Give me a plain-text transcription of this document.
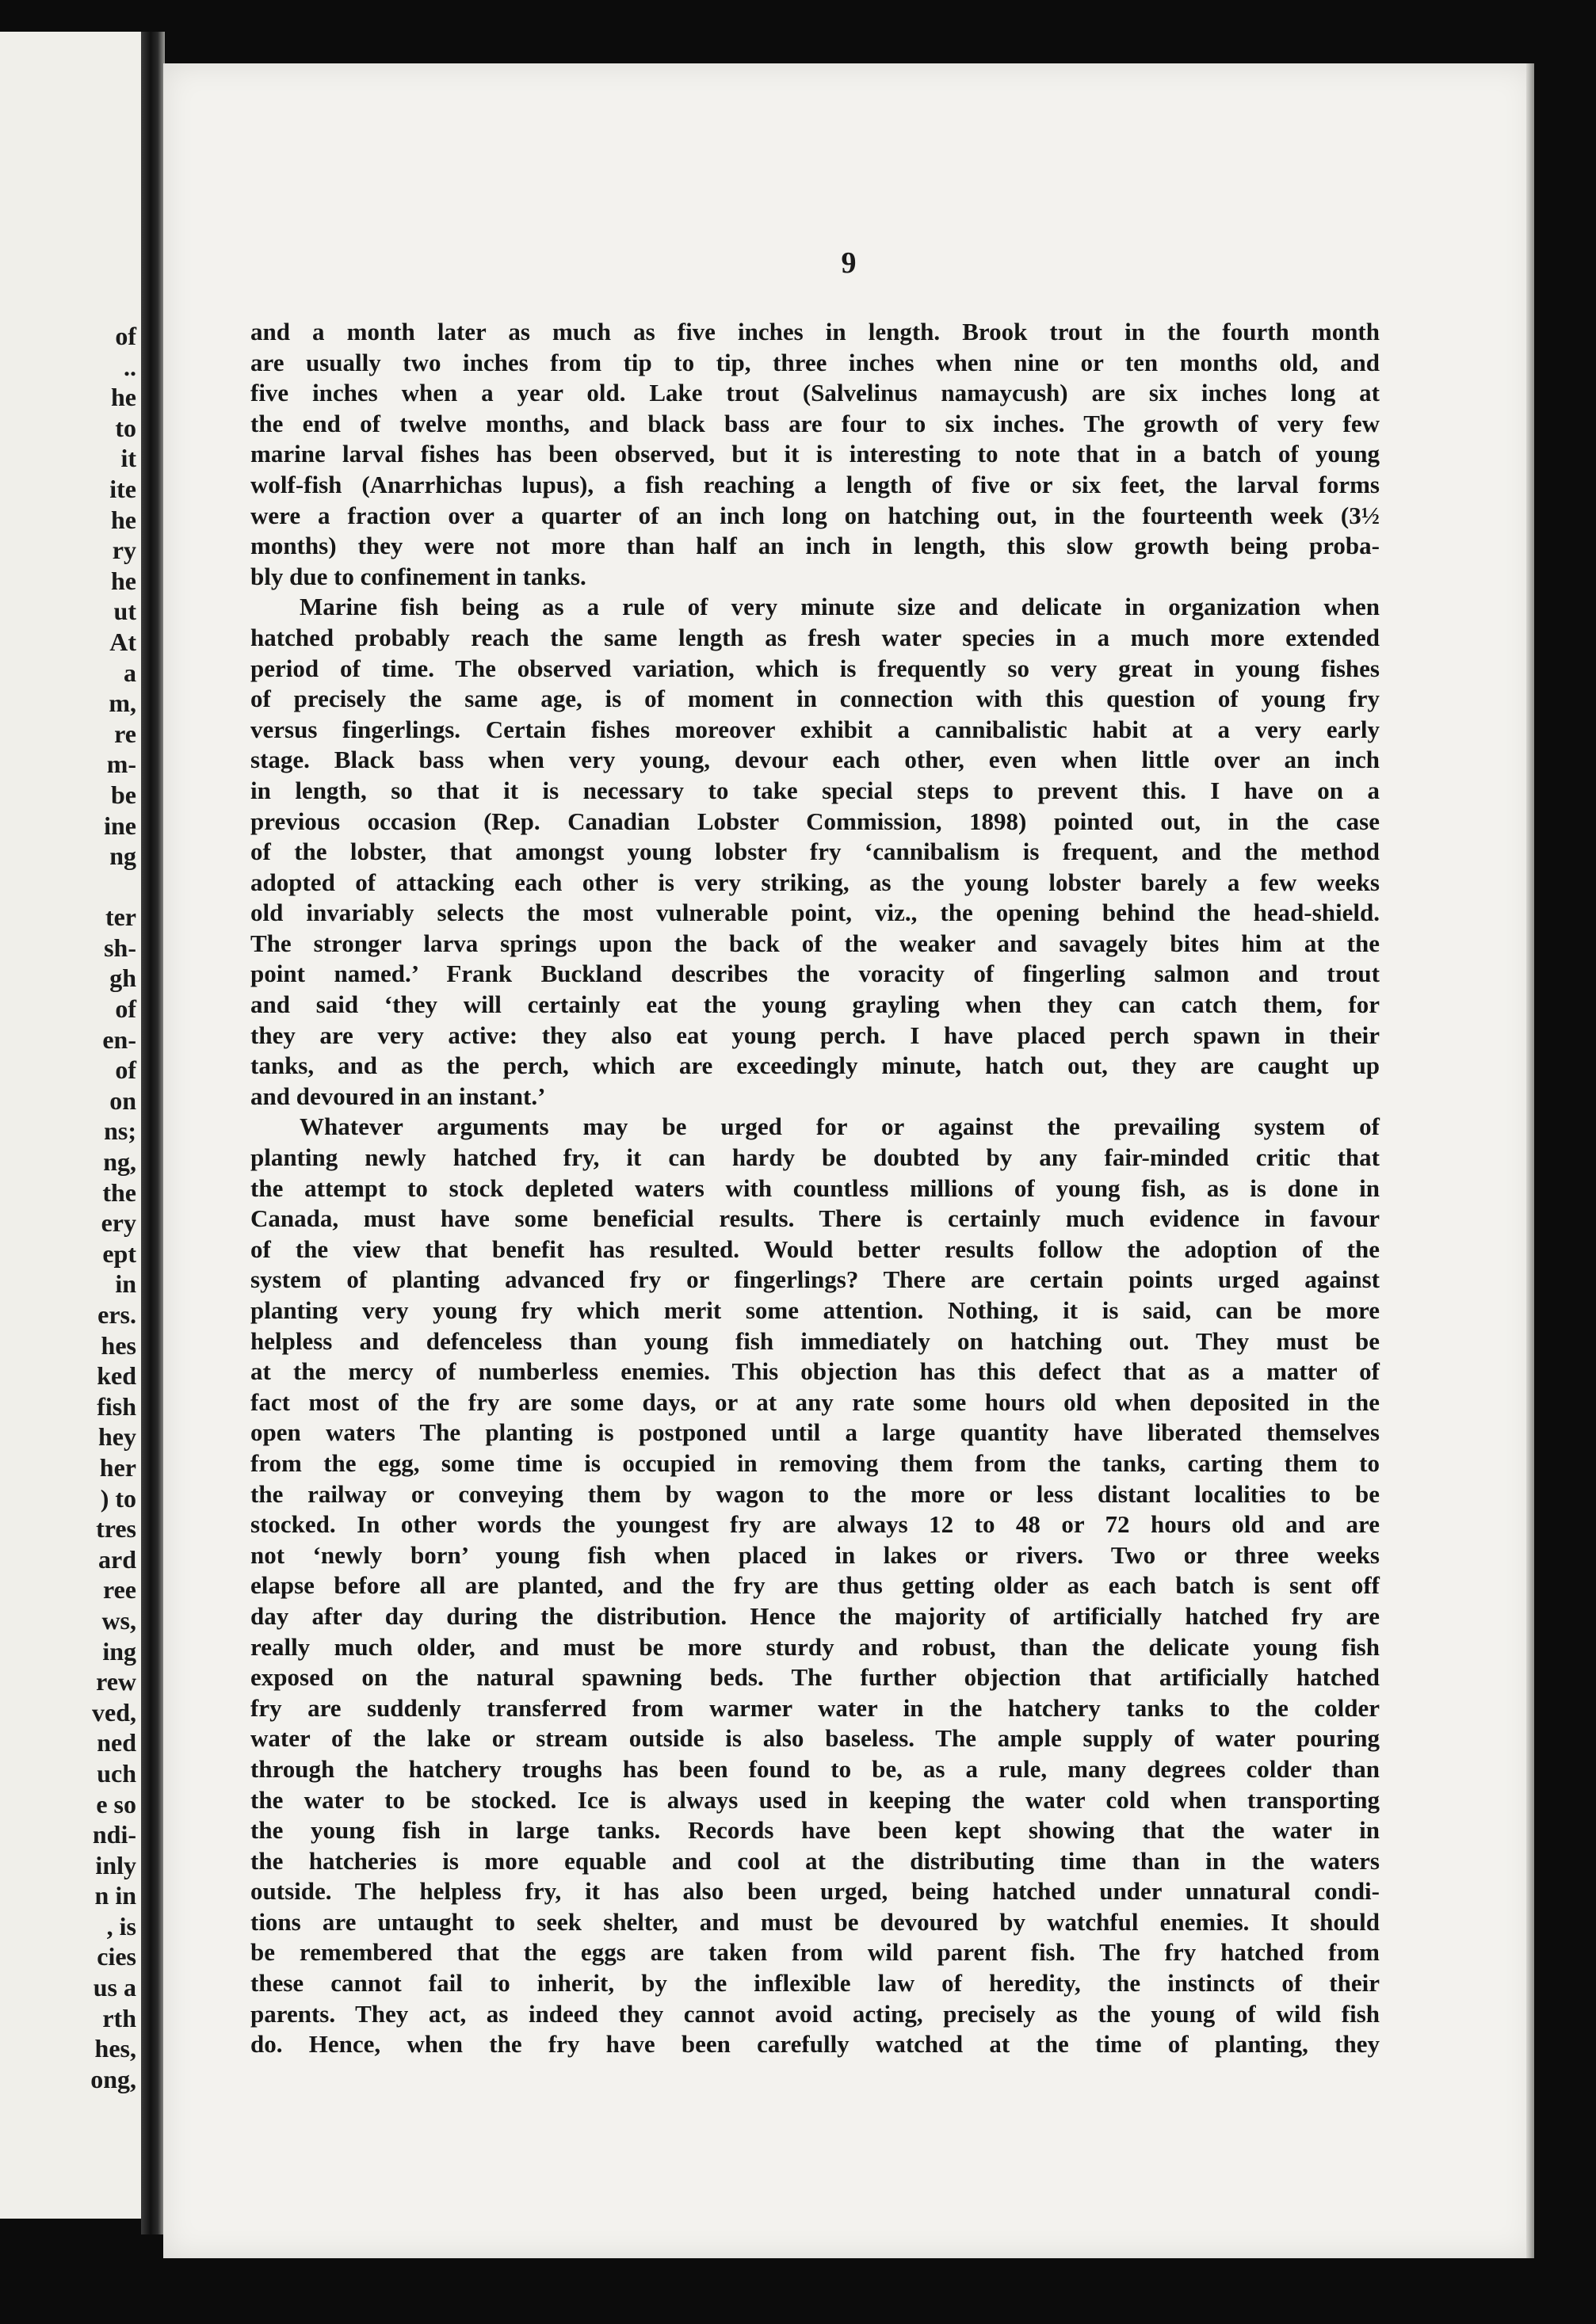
of
..
he
to
it
ite
he
ry
he
ut
At
a
m,
re
m-
be
ine
ng

ter
sh-
gh
of
en-
of
on
ns;
ng,
the
ery
ept
in
ers.
hes
ked
fish
hey
her
) to
tres
ard
ree
ws,
ing
rew
ved,
ned
uch
e so
ndi-
inly
n in
, is
cies
us a
rth
hes,
ong,
9
and a month later as much as five inches in length. Brook trout in the fourth month
are usually two inches from tip to tip, three inches when nine or ten months old, and
five inches when a year old. Lake trout (Salvelinus namaycush) are six inches long at
the end of twelve months, and black bass are four to six inches. The growth of very few
marine larval fishes has been observed, but it is interesting to note that in a batch of young
wolf-fish (Anarrhichas lupus), a fish reaching a length of five or six feet, the larval forms
were a fraction over a quarter of an inch long on hatching out, in the fourteenth week (3½
months) they were not more than half an inch in length, this slow growth being proba-
bly due to confinement in tanks.
Marine fish being as a rule of very minute size and delicate in organization when
hatched probably reach the same length as fresh water species in a much more extended
period of time. The observed variation, which is frequently so very great in young fishes
of precisely the same age, is of moment in connection with this question of young fry
versus fingerlings. Certain fishes moreover exhibit a cannibalistic habit at a very early
stage. Black bass when very young, devour each other, even when little over an inch
in length, so that it is necessary to take special steps to prevent this. I have on a
previous occasion (Rep. Canadian Lobster Commission, 1898) pointed out, in the case
of the lobster, that amongst young lobster fry ‘cannibalism is frequent, and the method
adopted of attacking each other is very striking, as the young lobster barely a few weeks
old invariably selects the most vulnerable point, viz., the opening behind the head-shield.
The stronger larva springs upon the back of the weaker and savagely bites him at the
point named.’ Frank Buckland describes the voracity of fingerling salmon and trout
and said ‘they will certainly eat the young grayling when they can catch them, for
they are very active: they also eat young perch. I have placed perch spawn in their
tanks, and as the perch, which are exceedingly minute, hatch out, they are caught up
and devoured in an instant.’
Whatever arguments may be urged for or against the prevailing system of
planting newly hatched fry, it can hardy be doubted by any fair-minded critic that
the attempt to stock depleted waters with countless millions of young fish, as is done in
Canada, must have some beneficial results. There is certainly much evidence in favour
of the view that benefit has resulted. Would better results follow the adoption of the
system of planting advanced fry or fingerlings? There are certain points urged against
planting very young fry which merit some attention. Nothing, it is said, can be more
helpless and defenceless than young fish immediately on hatching out. They must be
at the mercy of numberless enemies. This objection has this defect that as a matter of
fact most of the fry are some days, or at any rate some hours old when deposited in the
open waters The planting is postponed until a large quantity have liberated themselves
from the egg, some time is occupied in removing them from the tanks, carting them to
the railway or conveying them by wagon to the more or less distant localities to be
stocked. In other words the youngest fry are always 12 to 48 or 72 hours old and are
not ‘newly born’ young fish when placed in lakes or rivers. Two or three weeks
elapse before all are planted, and the fry are thus getting older as each batch is sent off
day after day during the distribution. Hence the majority of artificially hatched fry are
really much older, and must be more sturdy and robust, than the delicate young fish
exposed on the natural spawning beds. The further objection that artificially hatched
fry are suddenly transferred from warmer water in the hatchery tanks to the colder
water of the lake or stream outside is also baseless. The ample supply of water pouring
through the hatchery troughs has been found to be, as a rule, many degrees colder than
the water to be stocked. Ice is always used in keeping the water cold when transporting
the young fish in large tanks. Records have been kept showing that the water in
the hatcheries is more equable and cool at the distributing time than in the waters
outside. The helpless fry, it has also been urged, being hatched under unnatural condi-
tions are untaught to seek shelter, and must be devoured by watchful enemies. It should
be remembered that the eggs are taken from wild parent fish. The fry hatched from
these cannot fail to inherit, by the inflexible law of heredity, the instincts of their
parents. They act, as indeed they cannot avoid acting, precisely as the young of wild fish
do. Hence, when the fry have been carefully watched at the time of planting, they
